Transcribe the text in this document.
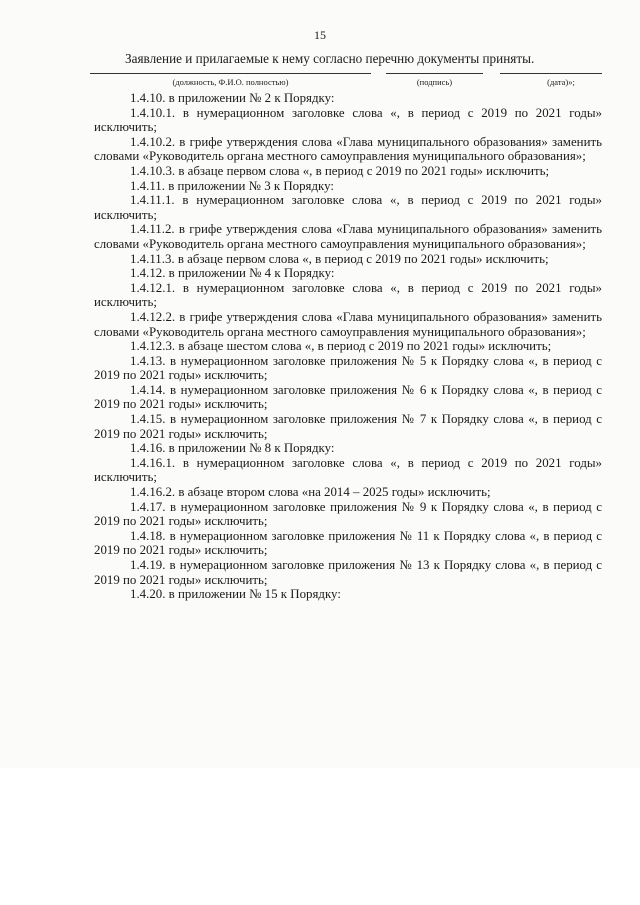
15
Заявление и прилагаемые к нему согласно перечню документы приняты.
(должность, Ф.И.О. полностью)	(подпись)	(дата)»;

1.4.10. в приложении № 2 к Порядку:

1.4.10.1. в нумерационном заголовке слова «, в период с 2019 по 2021 годы» исключить;

1.4.10.2. в грифе утверждения слова «Глава муниципального образования» заменить словами «Руководитель органа местного самоуправления муниципального образования»;

1.4.10.3. в абзаце первом слова «, в период с 2019 по 2021 годы» исключить;

1.4.11. в приложении № 3 к Порядку:

1.4.11.1. в нумерационном заголовке слова «, в период с 2019 по 2021 годы» исключить;

1.4.11.2. в грифе утверждения слова «Глава муниципального образования» заменить словами «Руководитель органа местного самоуправления муниципального образования»;

1.4.11.3. в абзаце первом слова «, в период с 2019 по 2021 годы» исключить;

1.4.12. в приложении № 4 к Порядку:

1.4.12.1. в нумерационном заголовке слова «, в период с 2019 по 2021 годы» исключить;

1.4.12.2. в грифе утверждения слова «Глава муниципального образования» заменить словами «Руководитель органа местного самоуправления муниципального образования»;

1.4.12.3. в абзаце шестом слова «, в период с 2019 по 2021 годы» исключить;

1.4.13. в нумерационном заголовке приложения № 5 к Порядку слова «, в период с 2019 по 2021 годы» исключить;

1.4.14. в нумерационном заголовке приложения № 6 к Порядку слова «, в период с 2019 по 2021 годы» исключить;

1.4.15. в нумерационном заголовке приложения № 7 к Порядку слова «, в период с 2019 по 2021 годы» исключить;

1.4.16. в приложении № 8 к Порядку:

1.4.16.1. в нумерационном заголовке слова «, в период с 2019 по 2021 годы» исключить;

1.4.16.2. в абзаце втором слова «на 2014 – 2025 годы» исключить;

1.4.17. в нумерационном заголовке приложения № 9 к Порядку слова «, в период с 2019 по 2021 годы» исключить;

1.4.18. в нумерационном заголовке приложения № 11 к Порядку слова «, в период с 2019 по 2021 годы» исключить;

1.4.19. в нумерационном заголовке приложения № 13 к Порядку слова «, в период с 2019 по 2021 годы» исключить;

1.4.20. в приложении № 15 к Порядку:
